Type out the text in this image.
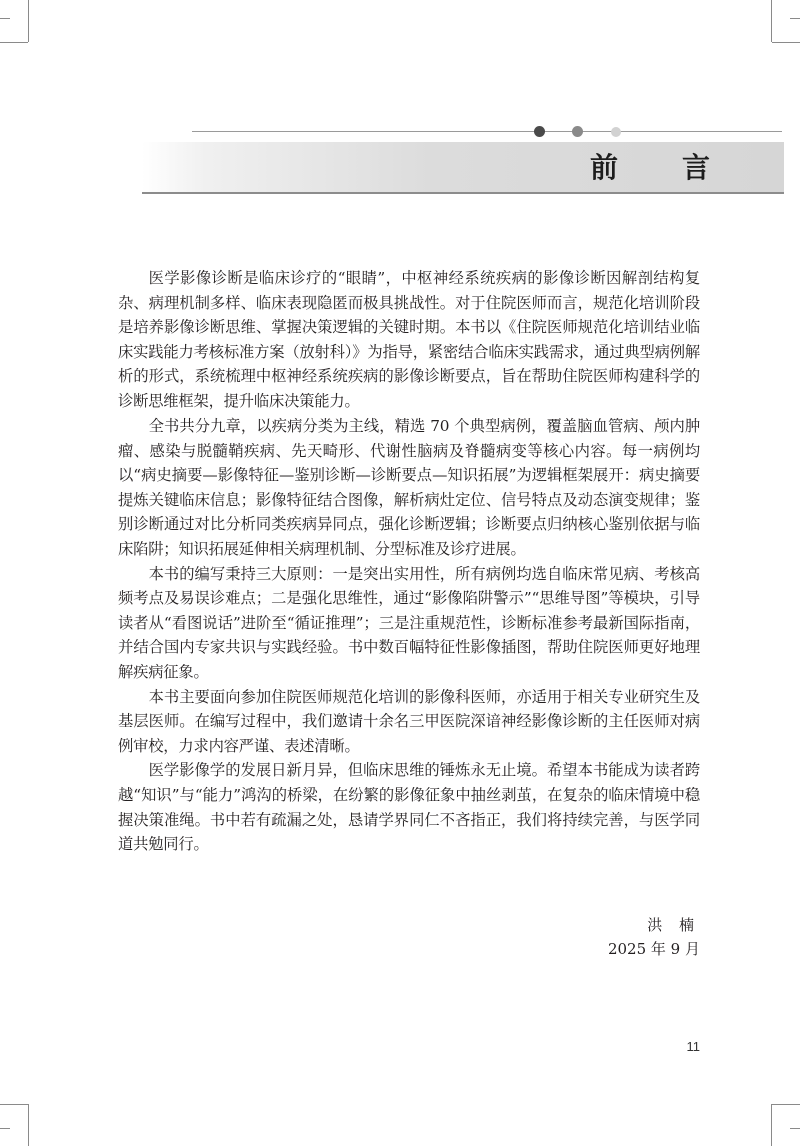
前 言

医学影像诊断是临床诊疗的“眼睛”，中枢神经系统疾病的影像诊断因解剖结构复杂、病理机制多样、临床表现隐匿而极具挑战性。对于住院医师而言，规范化培训阶段是培养影像诊断思维、掌握决策逻辑的关键时期。本书以《住院医师规范化培训结业临床实践能力考核标准方案（放射科）》为指导，紧密结合临床实践需求，通过典型病例解析的形式，系统梳理中枢神经系统疾病的影像诊断要点，旨在帮助住院医师构建科学的诊断思维框架，提升临床决策能力。

全书共分九章，以疾病分类为主线，精选 70 个典型病例，覆盖脑血管病、颅内肿瘤、感染与脱髓鞘疾病、先天畸形、代谢性脑病及脊髓病变等核心内容。每一病例均以“病史摘要—影像特征—鉴别诊断—诊断要点—知识拓展”为逻辑框架展开：病史摘要提炼关键临床信息；影像特征结合图像，解析病灶定位、信号特点及动态演变规律；鉴别诊断通过对比分析同类疾病异同点，强化诊断逻辑；诊断要点归纳核心鉴别依据与临床陷阱；知识拓展延伸相关病理机制、分型标准及诊疗进展。

本书的编写秉持三大原则：一是突出实用性，所有病例均选自临床常见病、考核高频考点及易误诊难点；二是强化思维性，通过“影像陷阱警示”“思维导图”等模块，引导读者从“看图说话”进阶至“循证推理”；三是注重规范性，诊断标准参考最新国际指南，并结合国内专家共识与实践经验。书中数百幅特征性影像插图，帮助住院医师更好地理解疾病征象。

本书主要面向参加住院医师规范化培训的影像科医师，亦适用于相关专业研究生及基层医师。在编写过程中，我们邀请十余名三甲医院深谙神经影像诊断的主任医师对病例审校，力求内容严谨、表述清晰。

医学影像学的发展日新月异，但临床思维的锤炼永无止境。希望本书能成为读者跨越“知识”与“能力”鸿沟的桥梁，在纷繁的影像征象中抽丝剥茧，在复杂的临床情境中稳握决策准绳。书中若有疏漏之处，恳请学界同仁不吝指正，我们将持续完善，与医学同道共勉同行。

洪 楠
2025 年 9 月
11
